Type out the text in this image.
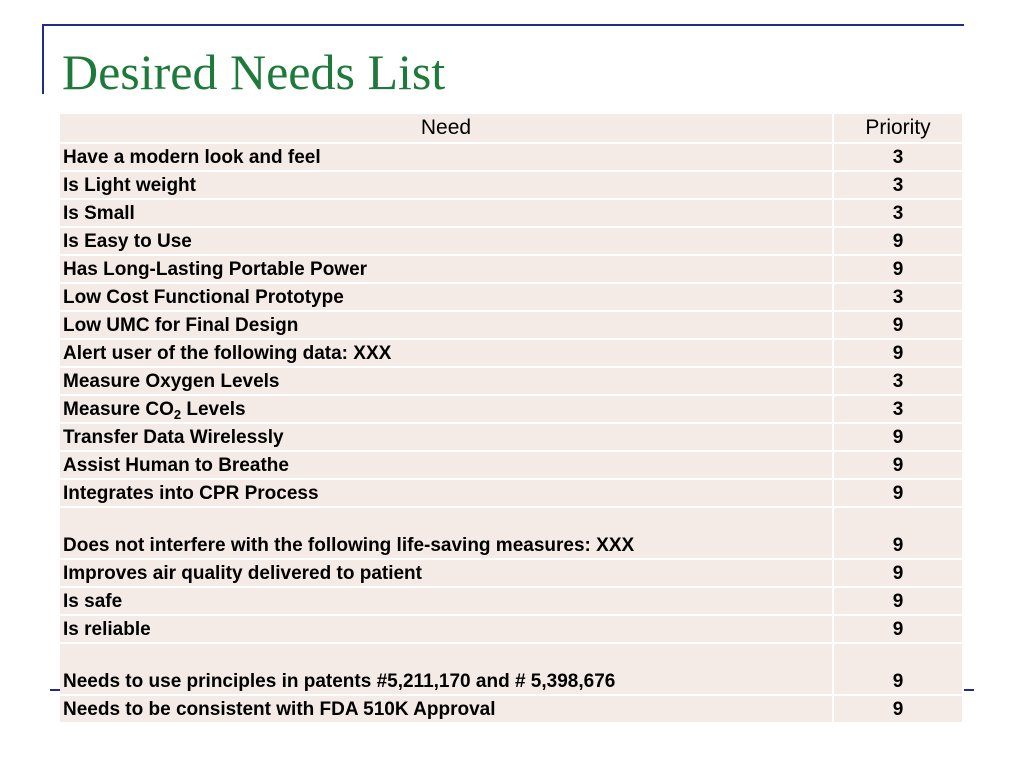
Desired Needs List
Need	Priority
Have a modern look and feel	3
Is Light weight	3
Is Small	3
Is Easy to Use	9
Has Long-Lasting Portable Power	9
Low Cost Functional Prototype	3
Low UMC for Final Design	9
Alert user of the following data: XXX	9
Measure Oxygen Levels	3
Measure $CO_2$ Levels	3
Transfer Data Wirelessly	9
Assist Human to Breathe	9
Integrates into CPR Process	9
Does not interfere with the following life-saving measures: XXX	9
Improves air quality delivered to patient	9
Is safe	9
Is reliable	9
Needs to use principles in patents #5,211,170 and # 5,398,676	9
Needs to be consistent with FDA 510K Approval	9
